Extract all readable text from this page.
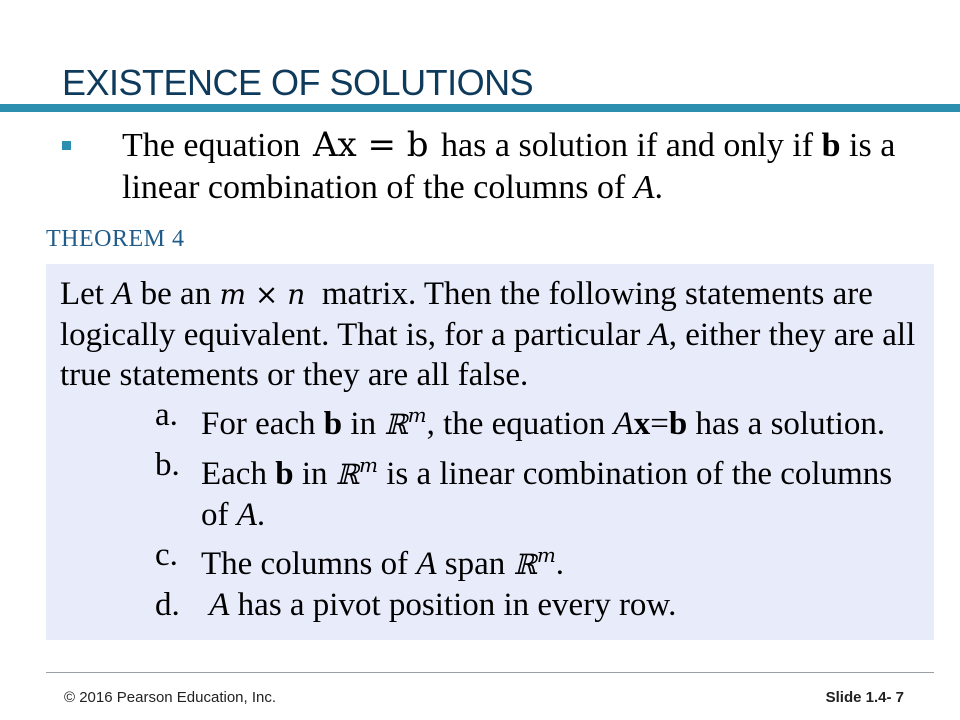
EXISTENCE OF SOLUTIONS

The equation Ax = b has a solution if and only if b is a linear combination of the columns of A.

THEOREM 4

Let A be an m × n matrix. Then the following statements are logically equivalent. That is, for a particular A, either they are all true statements or they are all false.

a. For each b in ℝ$^m$, the equation Ax=b has a solution.
b. Each b in ℝ$^m$ is a linear combination of the columns of A.
c. The columns of A span ℝ$^m$.
d. A has a pivot position in every row.
© 2016 Pearson Education, Inc.	Slide 1.4- 7
